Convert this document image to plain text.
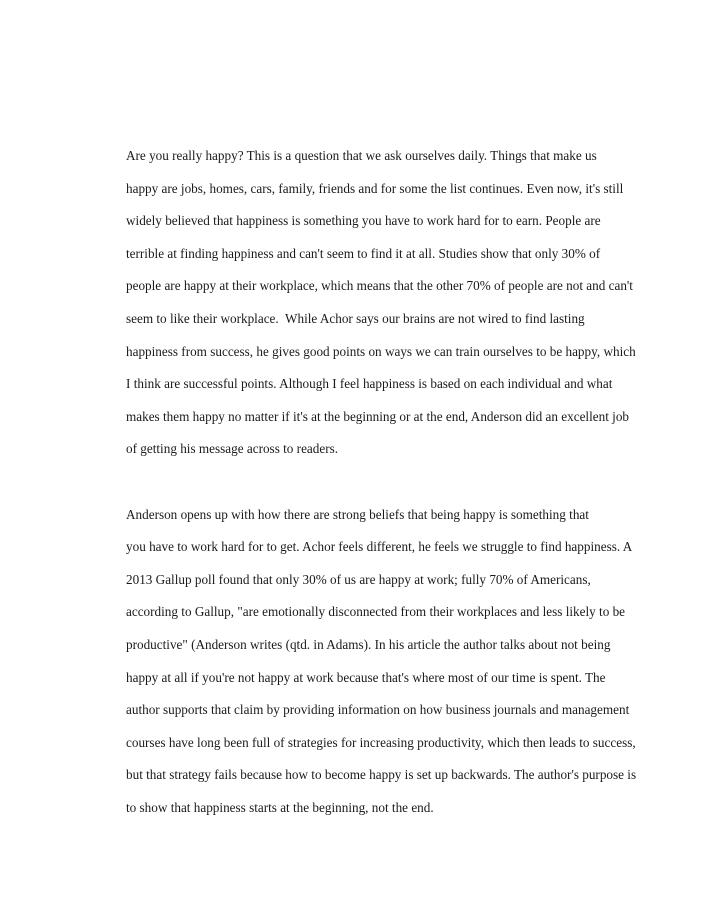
Are you really happy? This is a question that we ask ourselves daily. Things that make us
happy are jobs, homes, cars, family, friends and for some the list continues. Even now, it's still
widely believed that happiness is something you have to work hard for to earn. People are
terrible at finding happiness and can't seem to find it at all. Studies show that only 30% of
people are happy at their workplace, which means that the other 70% of people are not and can't
seem to like their workplace.  While Achor says our brains are not wired to find lasting
happiness from success, he gives good points on ways we can train ourselves to be happy, which
I think are successful points. Although I feel happiness is based on each individual and what
makes them happy no matter if it's at the beginning or at the end, Anderson did an excellent job
of getting his message across to readers.

Anderson opens up with how there are strong beliefs that being happy is something that
you have to work hard for to get. Achor feels different, he feels we struggle to find happiness. A
2013 Gallup poll found that only 30% of us are happy at work; fully 70% of Americans,
according to Gallup, "are emotionally disconnected from their workplaces and less likely to be
productive" (Anderson writes (qtd. in Adams). In his article the author talks about not being
happy at all if you're not happy at work because that's where most of our time is spent. The
author supports that claim by providing information on how business journals and management
courses have long been full of strategies for increasing productivity, which then leads to success,
but that strategy fails because how to become happy is set up backwards. The author's purpose is
to show that happiness starts at the beginning, not the end.
